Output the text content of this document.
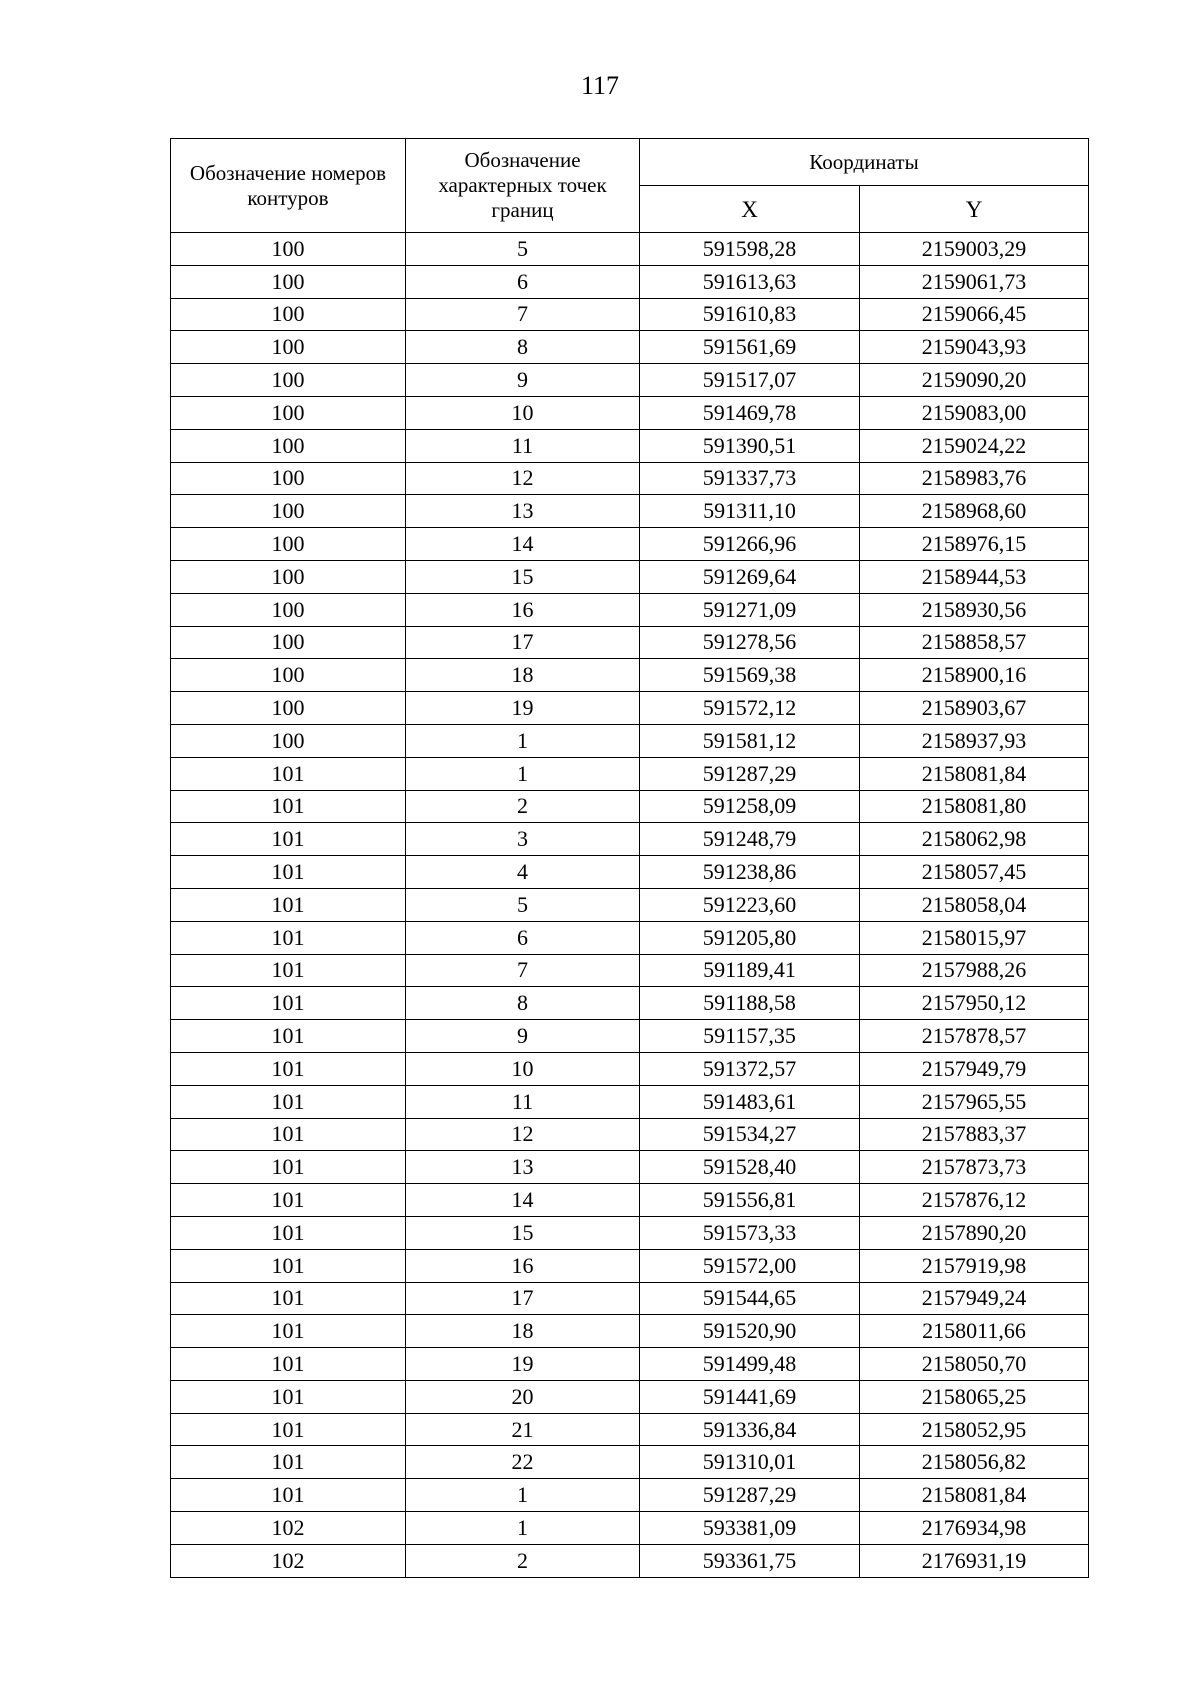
117
Обозначение номеров контуров	Обозначение характерных точек границ	Координаты	
		X	Y
100	5	591598,28	2159003,29
100	6	591613,63	2159061,73
100	7	591610,83	2159066,45
100	8	591561,69	2159043,93
100	9	591517,07	2159090,20
100	10	591469,78	2159083,00
100	11	591390,51	2159024,22
100	12	591337,73	2158983,76
100	13	591311,10	2158968,60
100	14	591266,96	2158976,15
100	15	591269,64	2158944,53
100	16	591271,09	2158930,56
100	17	591278,56	2158858,57
100	18	591569,38	2158900,16
100	19	591572,12	2158903,67
100	1	591581,12	2158937,93
101	1	591287,29	2158081,84
101	2	591258,09	2158081,80
101	3	591248,79	2158062,98
101	4	591238,86	2158057,45
101	5	591223,60	2158058,04
101	6	591205,80	2158015,97
101	7	591189,41	2157988,26
101	8	591188,58	2157950,12
101	9	591157,35	2157878,57
101	10	591372,57	2157949,79
101	11	591483,61	2157965,55
101	12	591534,27	2157883,37
101	13	591528,40	2157873,73
101	14	591556,81	2157876,12
101	15	591573,33	2157890,20
101	16	591572,00	2157919,98
101	17	591544,65	2157949,24
101	18	591520,90	2158011,66
101	19	591499,48	2158050,70
101	20	591441,69	2158065,25
101	21	591336,84	2158052,95
101	22	591310,01	2158056,82
101	1	591287,29	2158081,84
102	1	593381,09	2176934,98
102	2	593361,75	2176931,19
